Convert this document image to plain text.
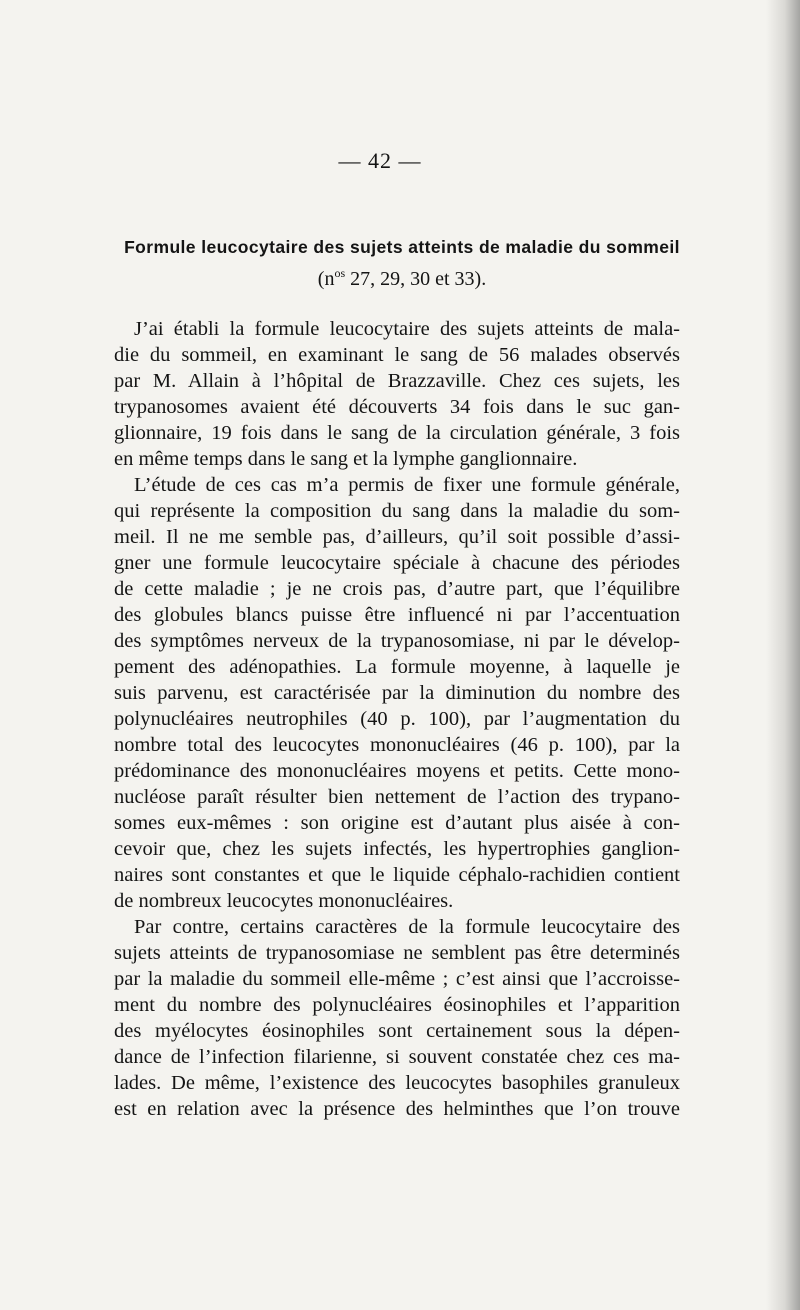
— 42 —
Formule leucocytaire des sujets atteints de maladie du sommeil
($n^{os}$ 27, 29, 30 et 33).
J’ai établi la formule leucocytaire des sujets atteints de mala-
die du sommeil, en examinant le sang de 56 malades observés
par M. Allain à l’hôpital de Brazzaville. Chez ces sujets, les
trypanosomes avaient été découverts 34 fois dans le suc gan-
glionnaire, 19 fois dans le sang de la circulation générale, 3 fois
en même temps dans le sang et la lymphe ganglionnaire.
L’étude de ces cas m’a permis de fixer une formule générale,
qui représente la composition du sang dans la maladie du som-
meil. Il ne me semble pas, d’ailleurs, qu’il soit possible d’assi-
gner une formule leucocytaire spéciale à chacune des périodes
de cette maladie ; je ne crois pas, d’autre part, que l’équilibre
des globules blancs puisse être influencé ni par l’accentuation
des symptômes nerveux de la trypanosomiase, ni par le dévelop-
pement des adénopathies. La formule moyenne, à laquelle je
suis parvenu, est caractérisée par la diminution du nombre des
polynucléaires neutrophiles (40 p. 100), par l’augmentation du
nombre total des leucocytes mononucléaires (46 p. 100), par la
prédominance des mononucléaires moyens et petits. Cette mono-
nucléose paraît résulter bien nettement de l’action des trypano-
somes eux-mêmes : son origine est d’autant plus aisée à con-
cevoir que, chez les sujets infectés, les hypertrophies ganglion-
naires sont constantes et que le liquide céphalo-rachidien contient
de nombreux leucocytes mononucléaires.
Par contre, certains caractères de la formule leucocytaire des
sujets atteints de trypanosomiase ne semblent pas être determinés
par la maladie du sommeil elle-même ; c’est ainsi que l’accroisse-
ment du nombre des polynucléaires éosinophiles et l’apparition
des myélocytes éosinophiles sont certainement sous la dépen-
dance de l’infection filarienne, si souvent constatée chez ces ma-
lades. De même, l’existence des leucocytes basophiles granuleux
est en relation avec la présence des helminthes que l’on trouve
